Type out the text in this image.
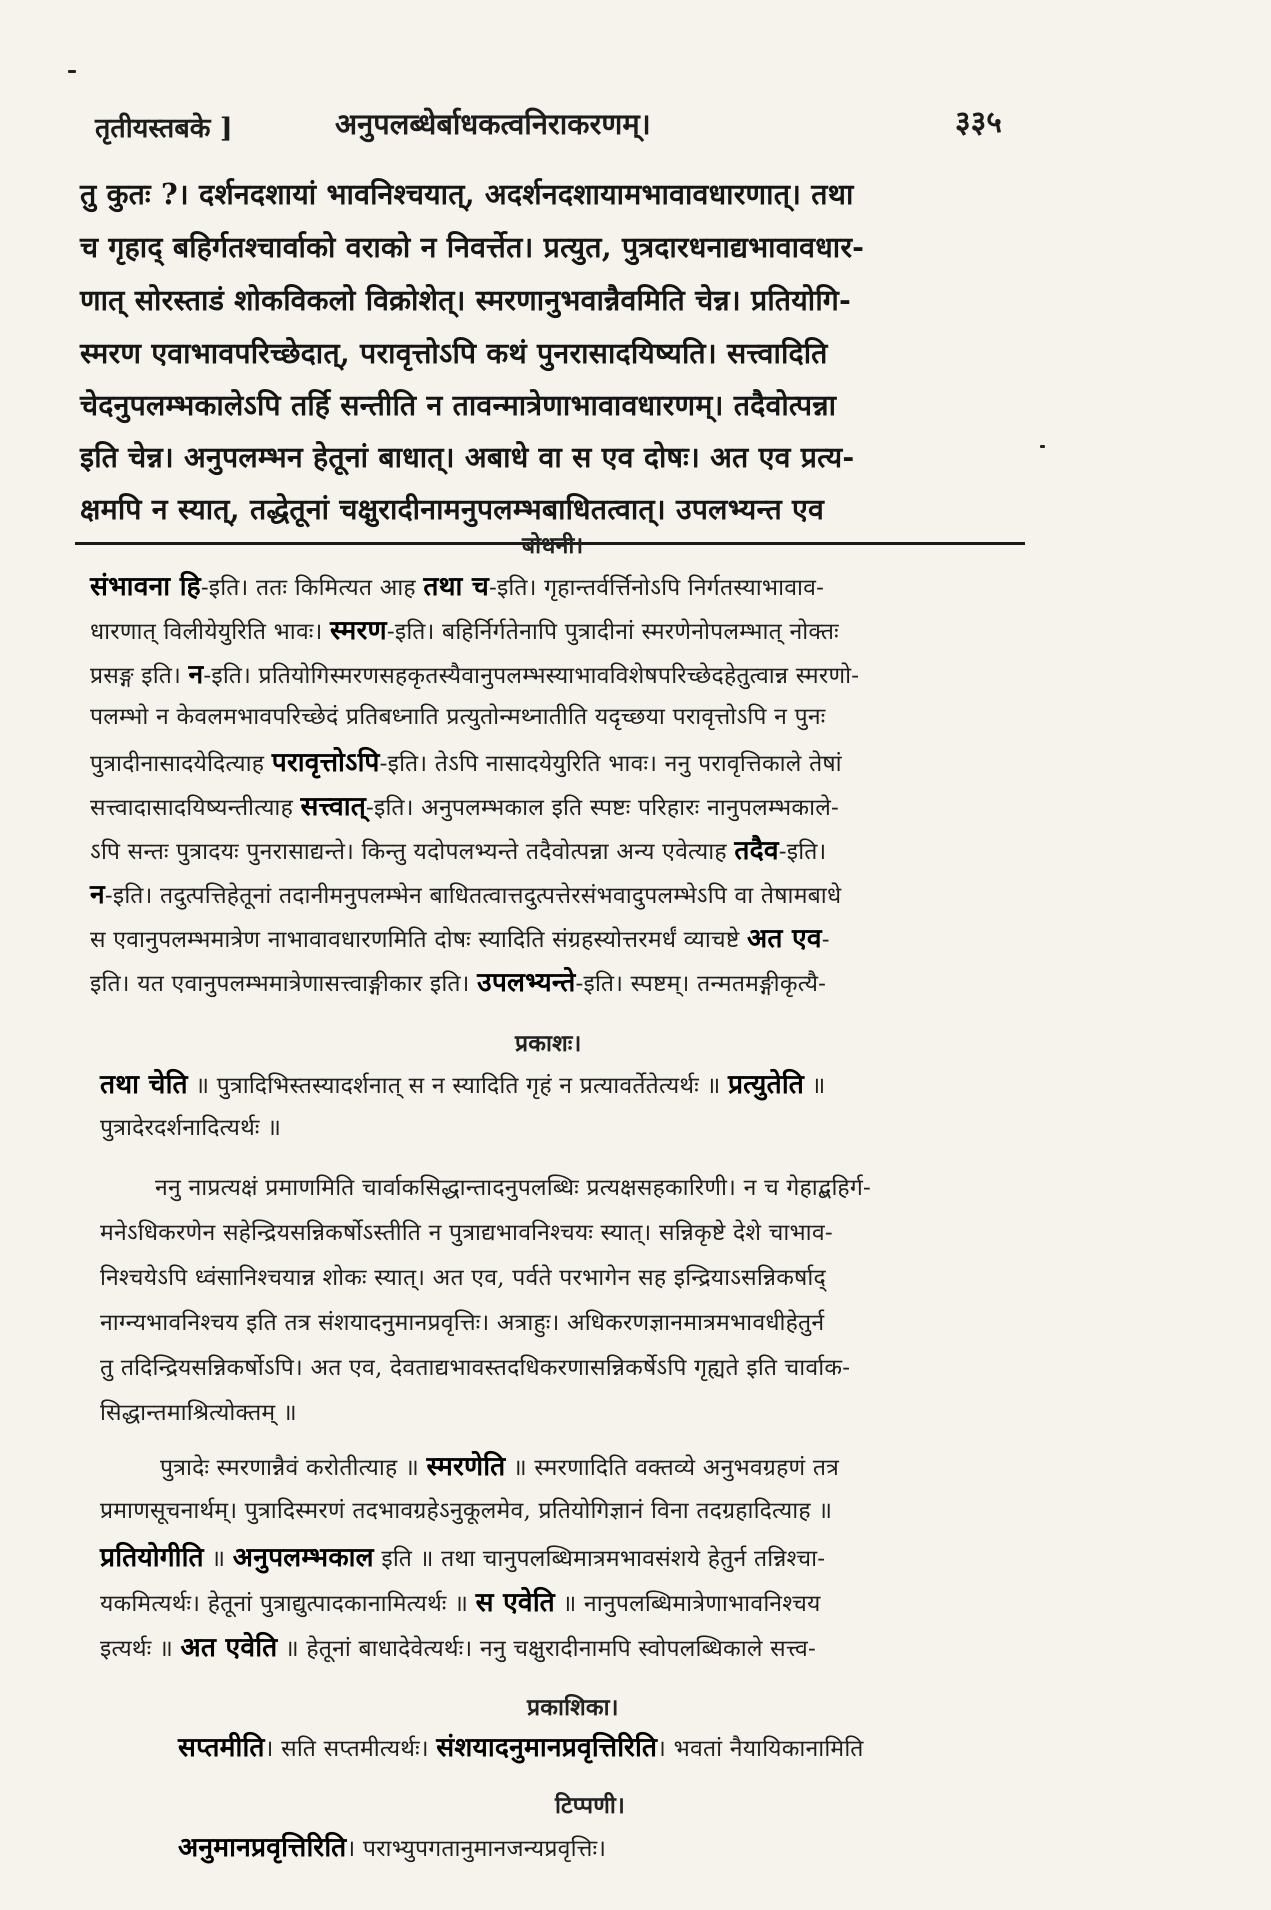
तृतीयस्तबके ]	अनुपलब्धेर्बाधकत्वनिराकरणम्।	३३५
तु कुतः ?। दर्शनदशायां भावनिश्चयात्, अदर्शनदशायामभावावधारणात्। तथा
च गृहाद् बहिर्गतश्चार्वाको वराको न निवर्त्तेत। प्रत्युत, पुत्रदारधनाद्यभावावधार-
णात् सोरस्ताडं शोकविकलो विक्रोशेत्। स्मरणानुभवान्नैवमिति चेन्न। प्रतियोगि-
स्मरण एवाभावपरिच्छेदात्, परावृत्तोऽपि कथं पुनरासादयिष्यति। सत्त्वादिति
चेदनुपलम्भकालेऽपि तर्हि सन्तीति न तावन्मात्रेणाभावावधारणम्। तदैवोत्पन्ना
इति चेन्न। अनुपलम्भन हेतूनां बाधात्। अबाधे वा स एव दोषः। अत एव प्रत्य-
बोधनी।
संभावना हि-इति। ततः किमित्यत आह तथा च-इति। गृहान्तर्वर्त्तिनोऽपि निर्गतस्याभावाव-
धारणात् विलीयेयुरिति भावः। स्मरण-इति। बहिर्निर्गतेनापि पुत्रादीनां स्मरणेनोपलम्भात् नोक्तः
प्रसङ्ग इति। न-इति। प्रतियोगिस्मरणसहकृतस्यैवानुपलम्भस्याभावविशेषपरिच्छेदहेतुत्वान्न स्मरणो-
पलम्भो न केवलमभावपरिच्छेदं प्रतिबध्नाति प्रत्युतोन्मथ्नातीति यदृच्छया परावृत्तोऽपि न पुनः
पुत्रादीनासादयेदित्याह परावृत्तोऽपि-इति। तेऽपि नासादयेयुरिति भावः। ननु परावृत्तिकाले तेषां
सत्त्वादासादयिष्यन्तीत्याह सत्त्वात्-इति। अनुपलम्भकाल इति स्पष्टः परिहारः नानुपलम्भकाले-
ऽपि सन्तः पुत्रादयः पुनरासाद्यन्ते। किन्तु यदोपलभ्यन्ते तदैवोत्पन्ना अन्य एवेत्याह तदैव-इति।
न-इति। तदुत्पत्तिहेतूनां तदानीमनुपलम्भेन बाधितत्वात्तदुत्पत्तेरसंभवादुपलम्भेऽपि वा तेषामबाधे
स एवानुपलम्भमात्रेण नाभावावधारणमिति दोषः स्यादिति संग्रहस्योत्तरमर्धं व्याचष्टे अत एव-
इति। यत एवानुपलम्भमात्रेणासत्त्वाङ्गीकार इति। उपलभ्यन्ते-इति। स्पष्टम्। तन्मतमङ्गीकृत्यै-
प्रकाशः।
तथा चेति ॥ पुत्रादिभिस्तस्यादर्शनात् स न स्यादिति गृहं न प्रत्यावर्तेतेत्यर्थः ॥ प्रत्युतेति ॥
पुत्रादेरदर्शनादित्यर्थः ॥
ननु नाप्रत्यक्षं प्रमाणमिति चार्वाकसिद्धान्तादनुपलब्धिः प्रत्यक्षसहकारिणी। न च गेहाद्बहिर्ग-
मनेऽधिकरणेन सहेन्द्रियसन्निकर्षोऽस्तीति न पुत्राद्यभावनिश्चयः स्यात्। सन्निकृष्टे देशे चाभाव-
निश्चयेऽपि ध्वंसानिश्चयान्न शोकः स्यात्। अत एव, पर्वते परभागेन सह इन्द्रियाऽसन्निकर्षाद्
नाग्न्यभावनिश्चय इति तत्र संशयादनुमानप्रवृत्तिः। अत्राहुः। अधिकरणज्ञानमात्रमभावधीहेतुर्न
तु तदिन्द्रियसन्निकर्षोऽपि। अत एव, देवताद्यभावस्तदधिकरणासन्निकर्षेऽपि गृह्यते इति चार्वाक-
सिद्धान्तमाश्रित्योक्तम् ॥
पुत्रादेः स्मरणान्नैवं करोतीत्याह ॥ स्मरणेति ॥ स्मरणादिति वक्तव्ये अनुभवग्रहणं तत्र
प्रमाणसूचनार्थम्। पुत्रादिस्मरणं तदभावग्रहेऽनुकूलमेव, प्रतियोगिज्ञानं विना तदग्रहादित्याह ॥
प्रतियोगीति ॥ अनुपलम्भकाल इति ॥ तथा चानुपलब्धिमात्रमभावसंशये हेतुर्न तन्निश्चा-
यकमित्यर्थः। हेतूनां पुत्राद्युत्पादकानामित्यर्थः ॥ स एवेति ॥ नानुपलब्धिमात्रेणाभावनिश्चय
इत्यर्थः ॥ अत एवेति ॥ हेतूनां बाधादेवेत्यर्थः। ननु चक्षुरादीनामपि स्वोपलब्धिकाले सत्त्व-
प्रकाशिका।
सप्तमीति। सति सप्तमीत्यर्थः। संशयादनुमानप्रवृत्तिरिति। भवतां नैयायिकानामिति
टिप्पणी।
अनुमानप्रवृत्तिरिति। पराभ्युपगतानुमानजन्यप्रवृत्तिः।
क्षमपि न स्यात्, तद्धेतूनां चक्षुरादीनामनुपलम्भबाधितत्वात्। उपलभ्यन्त एव
